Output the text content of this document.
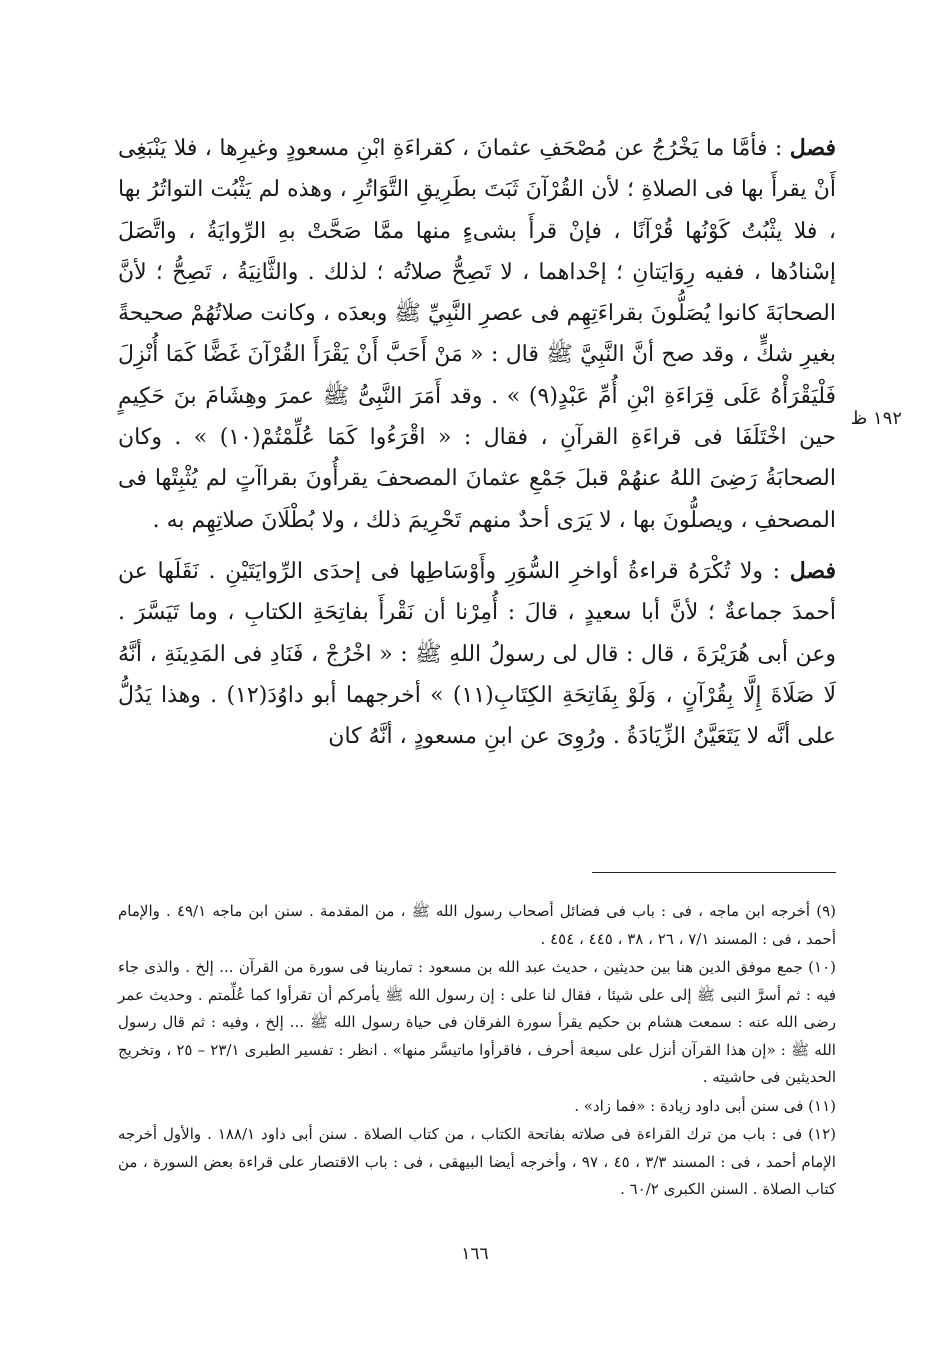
فصل : فأمَّا ما يَخْرُجُ عن مُصْحَفِ عثمانَ ، كقراءَةِ ابْنِ مسعودٍ وغيرِها ، فلا يَنْبَغِى أَنْ يقرأَ بها فى الصلاةِ ؛ لأن القُرْآنَ ثَبَتَ بطَرِيقِ التَّوَاتُرِ ، وهذه لم يَثْبُت التواتُرُ بها ، فلا يثْبُتُ كَوْنُها قُرْآنًا ، فإنْ قرأَ بشىءٍ منها ممَّا صَحَّتْ بهِ الرِّوايَةُ ، واتَّصَلَ إسْنادُها ، ففيه رِوَايَتانِ ؛ إحْداهما ، لا تَصِحُّ صلاتُه ؛ لذلك . والثَّانِيَةُ ، تَصِحُّ ؛ لأنَّ الصحابَةَ كانوا يُصَلُّونَ بقراءَتِهِم فى عصرِ النَّبِيِّ ﷺ وبعدَه ، وكانت صلاتُهُمْ صحيحةً بغيرِ شكٍّ ، وقد صح أنَّ النَّبِيَّ ﷺ قال : « مَنْ أَحَبَّ أَنْ يَقْرَأَ القُرْآنَ غَضًّا كَمَا أُنْزِلَ فَلْيَقْرَأْهُ عَلَى قِرَاءَةِ ابْنِ أُمِّ عَبْدٍ(٩) » . وقد أَمَرَ النَّبِىُّ ﷺ عمرَ وهِشَامَ بنَ حَكِيمٍ حين اخْتَلَفَا فى قراءَةِ القرآنِ ، فقال : « اقْرَءُوا كَمَا عُلِّمْتُمْ(١٠) » . وكان الصحابَةُ رَضِىَ اللهُ عنهُمْ قبلَ جَمْعِ عثمانَ المصحفَ يقرأُونَ بقراآتٍ لم يُثْبِتْها فى المصحفِ ، ويصلُّونَ بها ، لا يَرَى أحدٌ منهم تَحْرِيمَ ذلك ، ولا بُطْلَانَ صلاتِهِم به .

فصل : ولا تُكْرَهُ قراءةُ أواخرِ السُّوَرِ وأَوْسَاطِها فى إحدَى الرِّوايَتَيْنِ . نَقَلَها عن أحمدَ جماعةٌ ؛ لأنَّ أبا سعيدٍ ، قالَ : أُمِرْنا أن نَقْرأَ بفاتِحَةِ الكتابِ ، وما تَيَسَّرَ . وعن أبى هُرَيْرَةَ ، قال : قال لى رسولُ اللهِ ﷺ : « اخْرُجْ ، فَنَادِ فى المَدِينَةِ ، أنَّهُ لَا صَلَاةَ إِلَّا بِقُرْآنٍ ، وَلَوْ بِفَاتِحَةِ الكِتَابِ(١١) » أخرجهما أبو داوُدَ(١٢) . وهذا يَدُلُّ على أنَّه لا يَتَعَيَّنُ الزِّيَادَةُ . ورُوِىَ عن ابنِ مسعودٍ ، أنَّهُ كان

١٩٢ ظ

(٩) أخرجه ابن ماجه ، فى : باب فى فضائل أصحاب رسول الله ﷺ ، من المقدمة . سنن ابن ماجه ٤٩/١ . والإمام أحمد ، فى : المسند ٧/١ ، ٢٦ ، ٣٨ ، ٤٤٥ ، ٤٥٤ .

(١٠) جمع موفق الدين هنا بين حديثين ، حديث عبد الله بن مسعود : تمارينا فى سورة من القرآن ... إلخ . والذى جاء فيه : ثم أسرَّ النبى ﷺ إلى على شيئا ، فقال لنا على : إن رسول الله ﷺ يأمركم أن تقرأوا كما عُلِّمتم . وحديث عمر رضى الله عنه : سمعت هشام بن حكيم يقرأ سورة الفرقان فى حياة رسول الله ﷺ ... إلخ ، وفيه : ثم قال رسول الله ﷺ : «إن هذا القرآن أنزل على سبعة أحرف ، فاقرأوا ماتيسَّر منها» . انظر : تفسير الطبرى ٢٣/١ – ٢٥ ، وتخريج الحديثين فى حاشيته .

(١١) فى سنن أبى داود زيادة : «فما زاد» .

(١٢) فى : باب من ترك القراءة فى صلاته بفاتحة الكتاب ، من كتاب الصلاة . سنن أبى داود ١٨٨/١ . والأول أخرجه الإمام أحمد ، فى : المسند ٣/٣ ، ٤٥ ، ٩٧ ، وأخرجه أيضا البيهقى ، فى : باب الاقتصار على قراءة بعض السورة ، من كتاب الصلاة . السنن الكبرى ٦٠/٢ .

١٦٦
